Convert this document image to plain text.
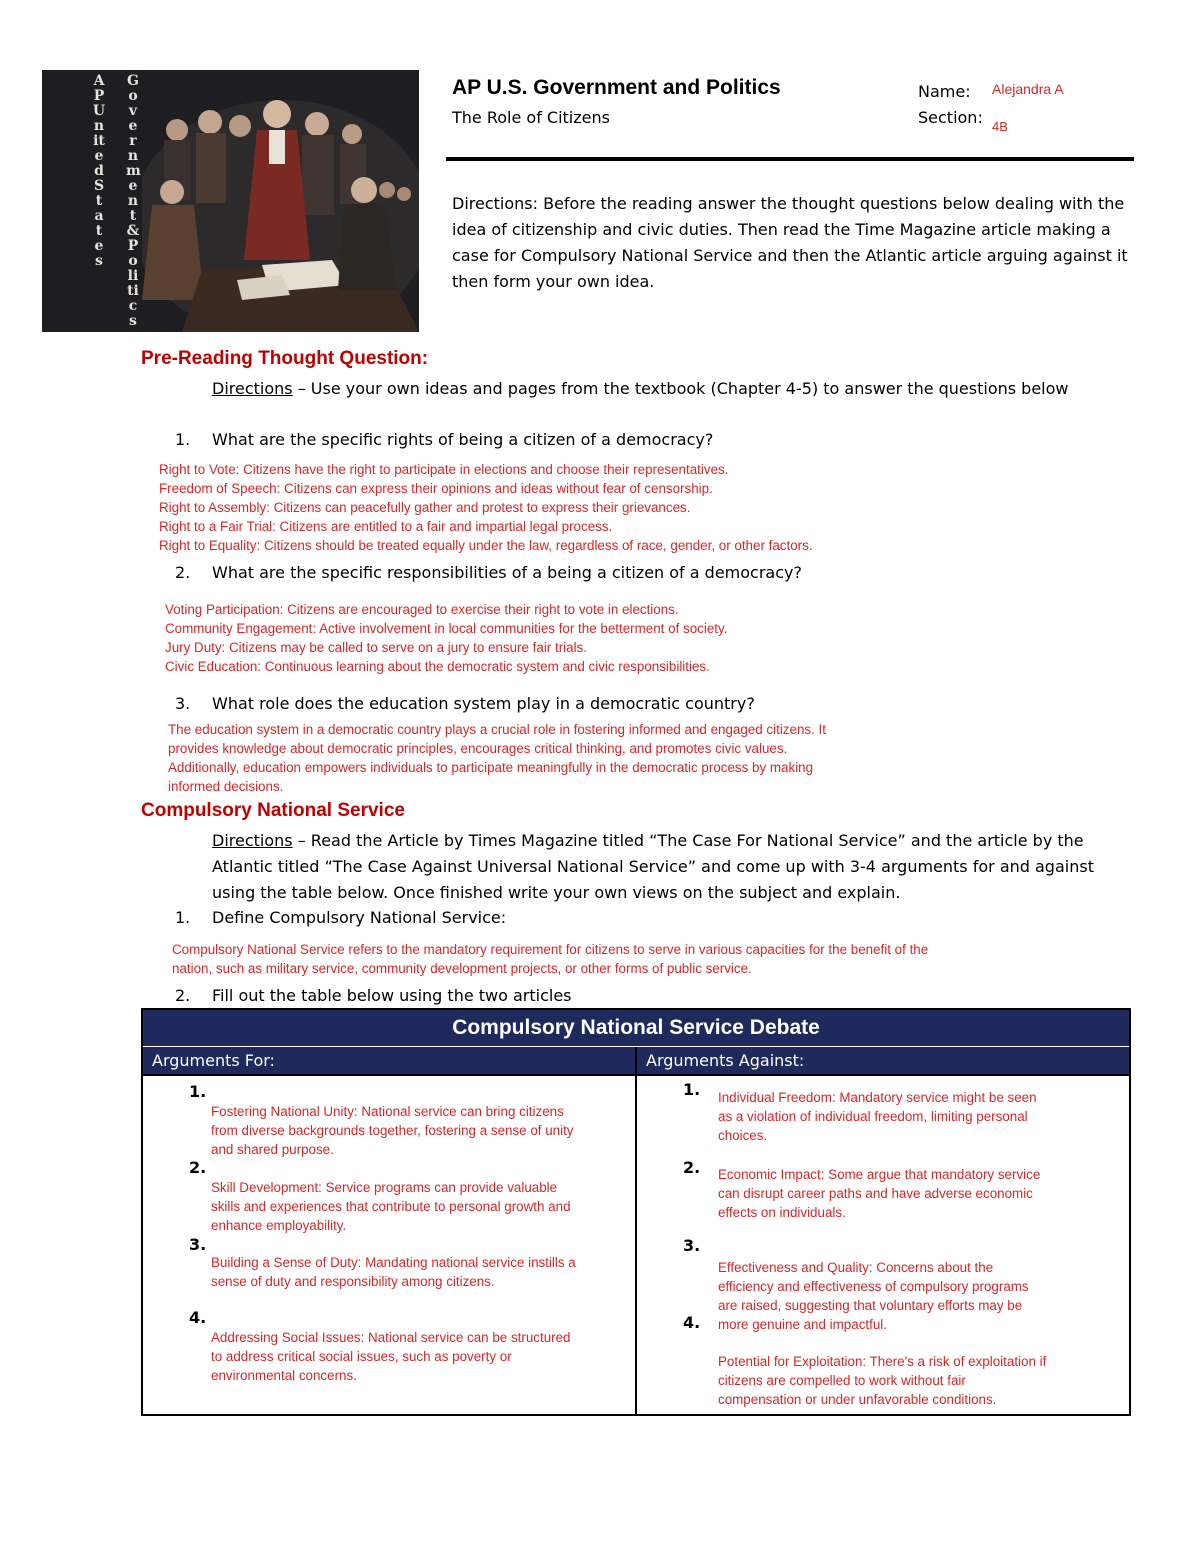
AP United States
Government & Politics
AP U.S. Government and Politics
The Role of Citizens
Name: Alejandra A
Section: 4B
Directions: Before the reading answer the thought questions below dealing with the idea of citizenship and civic duties. Then read the Time Magazine article making a case for Compulsory National Service and then the Atlantic article arguing against it then form your own idea.
Pre-Reading Thought Question:
Directions – Use your own ideas and pages from the textbook (Chapter 4-5) to answer the questions below
1. What are the specific rights of being a citizen of a democracy?
Right to Vote: Citizens have the right to participate in elections and choose their representatives.
Freedom of Speech: Citizens can express their opinions and ideas without fear of censorship.
Right to Assembly: Citizens can peacefully gather and protest to express their grievances.
Right to a Fair Trial: Citizens are entitled to a fair and impartial legal process.
Right to Equality: Citizens should be treated equally under the law, regardless of race, gender, or other factors.
2. What are the specific responsibilities of a being a citizen of a democracy?
Voting Participation: Citizens are encouraged to exercise their right to vote in elections.
Community Engagement: Active involvement in local communities for the betterment of society.
Jury Duty: Citizens may be called to serve on a jury to ensure fair trials.
Civic Education: Continuous learning about the democratic system and civic responsibilities.
3. What role does the education system play in a democratic country?
The education system in a democratic country plays a crucial role in fostering informed and engaged citizens. It
provides knowledge about democratic principles, encourages critical thinking, and promotes civic values.
Additionally, education empowers individuals to participate meaningfully in the democratic process by making
informed decisions.
Compulsory National Service
Directions – Read the Article by Times Magazine titled “The Case For National Service” and the article by the Atlantic titled “The Case Against Universal National Service” and come up with 3-4 arguments for and against using the table below. Once finished write your own views on the subject and explain.
1. Define Compulsory National Service:
Compulsory National Service refers to the mandatory requirement for citizens to serve in various capacities for the benefit of the
nation, such as military service, community development projects, or other forms of public service.
2. Fill out the table below using the two articles
Compulsory National Service Debate
Arguments For:	Arguments Against:
1.
Fostering National Unity: National service can bring citizens
from diverse backgrounds together, fostering a sense of unity
and shared purpose.
2.
Skill Development: Service programs can provide valuable
skills and experiences that contribute to personal growth and
enhance employability.
3.
Building a Sense of Duty: Mandating national service instills a
sense of duty and responsibility among citizens.
4.
Addressing Social Issues: National service can be structured
to address critical social issues, such as poverty or
environmental concerns.
1. Individual Freedom: Mandatory service might be seen
as a violation of individual freedom, limiting personal
choices.
2. Economic Impact: Some argue that mandatory service
can disrupt career paths and have adverse economic
effects on individuals.
3.
Effectiveness and Quality: Concerns about the
efficiency and effectiveness of compulsory programs
are raised, suggesting that voluntary efforts may be
more genuine and impactful.
4.
Potential for Exploitation: There's a risk of exploitation if
citizens are compelled to work without fair
compensation or under unfavorable conditions.
